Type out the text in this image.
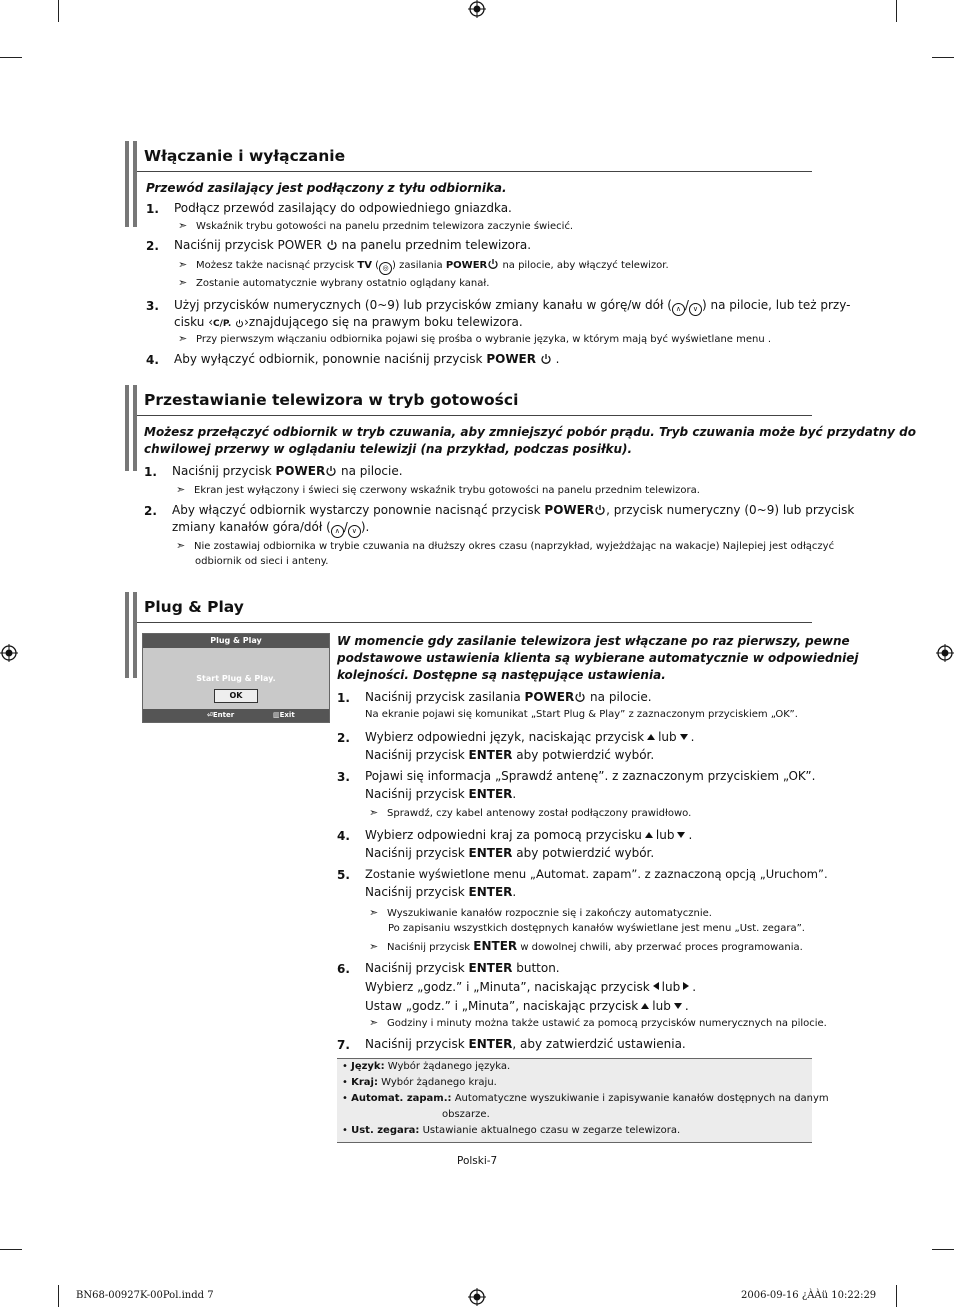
Włączanie i wyłączanie
Przewód zasilający jest podłączony z tyłu odbiornika.
1. Podłącz przewód zasilający do odpowiedniego gniazdka.
➣ Wskaźnik trybu gotowości na panelu przednim telewizora zaczynie świecić.
2. Naciśnij przycisk POWER na panelu przednim telewizora.
➣ Możesz także nacisnąć przycisk TV ( ◎ ) zasilania POWER na pilocie, aby włączyć telewizor.
➣ Zostanie automatycznie wybrany ostatnio oglądany kanał.
3. Użyj przycisków numerycznych (0~9) lub przycisków zmiany kanału w górę/w dół ( ∧ / ∨ ) na pilocie, lub też przy-
cisku ‹C/P. ›znajdującego się na prawym boku telewizora.
➣ Przy pierwszym włączaniu odbiornika pojawi się prośba o wybranie języka, w którym mają być wyświetlane menu .
4. Aby wyłączyć odbiornik, ponownie naciśnij przycisk POWER .
Przestawianie telewizora w tryb gotowości
Możesz przełączyć odbiornik w tryb czuwania, aby zmniejszyć pobór prądu. Tryb czuwania może być przydatny do
chwilowej przerwy w oglądaniu telewizji (na przykład, podczas posiłku).
1. Naciśnij przycisk POWER na pilocie.
➣ Ekran jest wyłączony i świeci się czerwony wskaźnik trybu gotowości na panelu przednim telewizora.
2. Aby włączyć odbiornik wystarczy ponownie nacisnąć przycisk POWER , przycisk numeryczny (0~9) lub przycisk
zmiany kanałów góra/dół ( ∧ / ∨ ).
➣ Nie zostawiaj odbiornika w trybie czuwania na dłuższy okres czasu (naprzykład, wyjeżdżając na wakacje) Najlepiej jest odłączyć
odbiornik od sieci i anteny.
Plug & Play
Plug & Play
Start Plug & Play.
OK
⏎Enter	▥Exit
W momencie gdy zasilanie telewizora jest włączane po raz pierwszy, pewne
podstawowe ustawienia klienta są wybierane automatycznie w odpowiedniej
kolejności. Dostępne są następujące ustawienia.
1. Naciśnij przycisk zasilania POWER na pilocie.
Na ekranie pojawi się komunikat „Start Plug & Play” z zaznaczonym przyciskiem „OK”.
2. Wybierz odpowiedni język, naciskając przycisk lub .
Naciśnij przycisk ENTER aby potwierdzić wybór.
3. Pojawi się informacja „Sprawdź antenę”. z zaznaczonym przyciskiem „OK”.
Naciśnij przycisk ENTER.
➣ Sprawdź, czy kabel antenowy został podłączony prawidłowo.
4. Wybierz odpowiedni kraj za pomocą przycisku lub .
Naciśnij przycisk ENTER aby potwierdzić wybór.
5. Zostanie wyświetlone menu „Automat. zapam”. z zaznaczoną opcją „Uruchom”.
Naciśnij przycisk ENTER.
➣ Wyszukiwanie kanałów rozpocznie się i zakończy automatycznie.
Po zapisaniu wszystkich dostępnych kanałów wyświetlane jest menu „Ust. zegara”.
➣ Naciśnij przycisk ENTER w dowolnej chwili, aby przerwać proces programowania.
6. Naciśnij przycisk ENTER button.
Wybierz „godz.” i „Minuta”, naciskając przycisk lub .
Ustaw „godz.” i „Minuta”, naciskając przycisk lub .
➣ Godziny i minuty można także ustawić za pomocą przycisków numerycznych na pilocie.
7. Naciśnij przycisk ENTER, aby zatwierdzić ustawienia.
• Język: Wybór żądanego języka.
• Kraj: Wybór żądanego kraju.
• Automat. zapam.: Automatyczne wyszukiwanie i zapisywanie kanałów dostępnych na danym
obszarze.
• Ust. zegara: Ustawianie aktualnego czasu w zegarze telewizora.
Polski-7
BN68-00927K-00Pol.indd 7	2006-09-16 ¿ÀÀü 10:22:29
